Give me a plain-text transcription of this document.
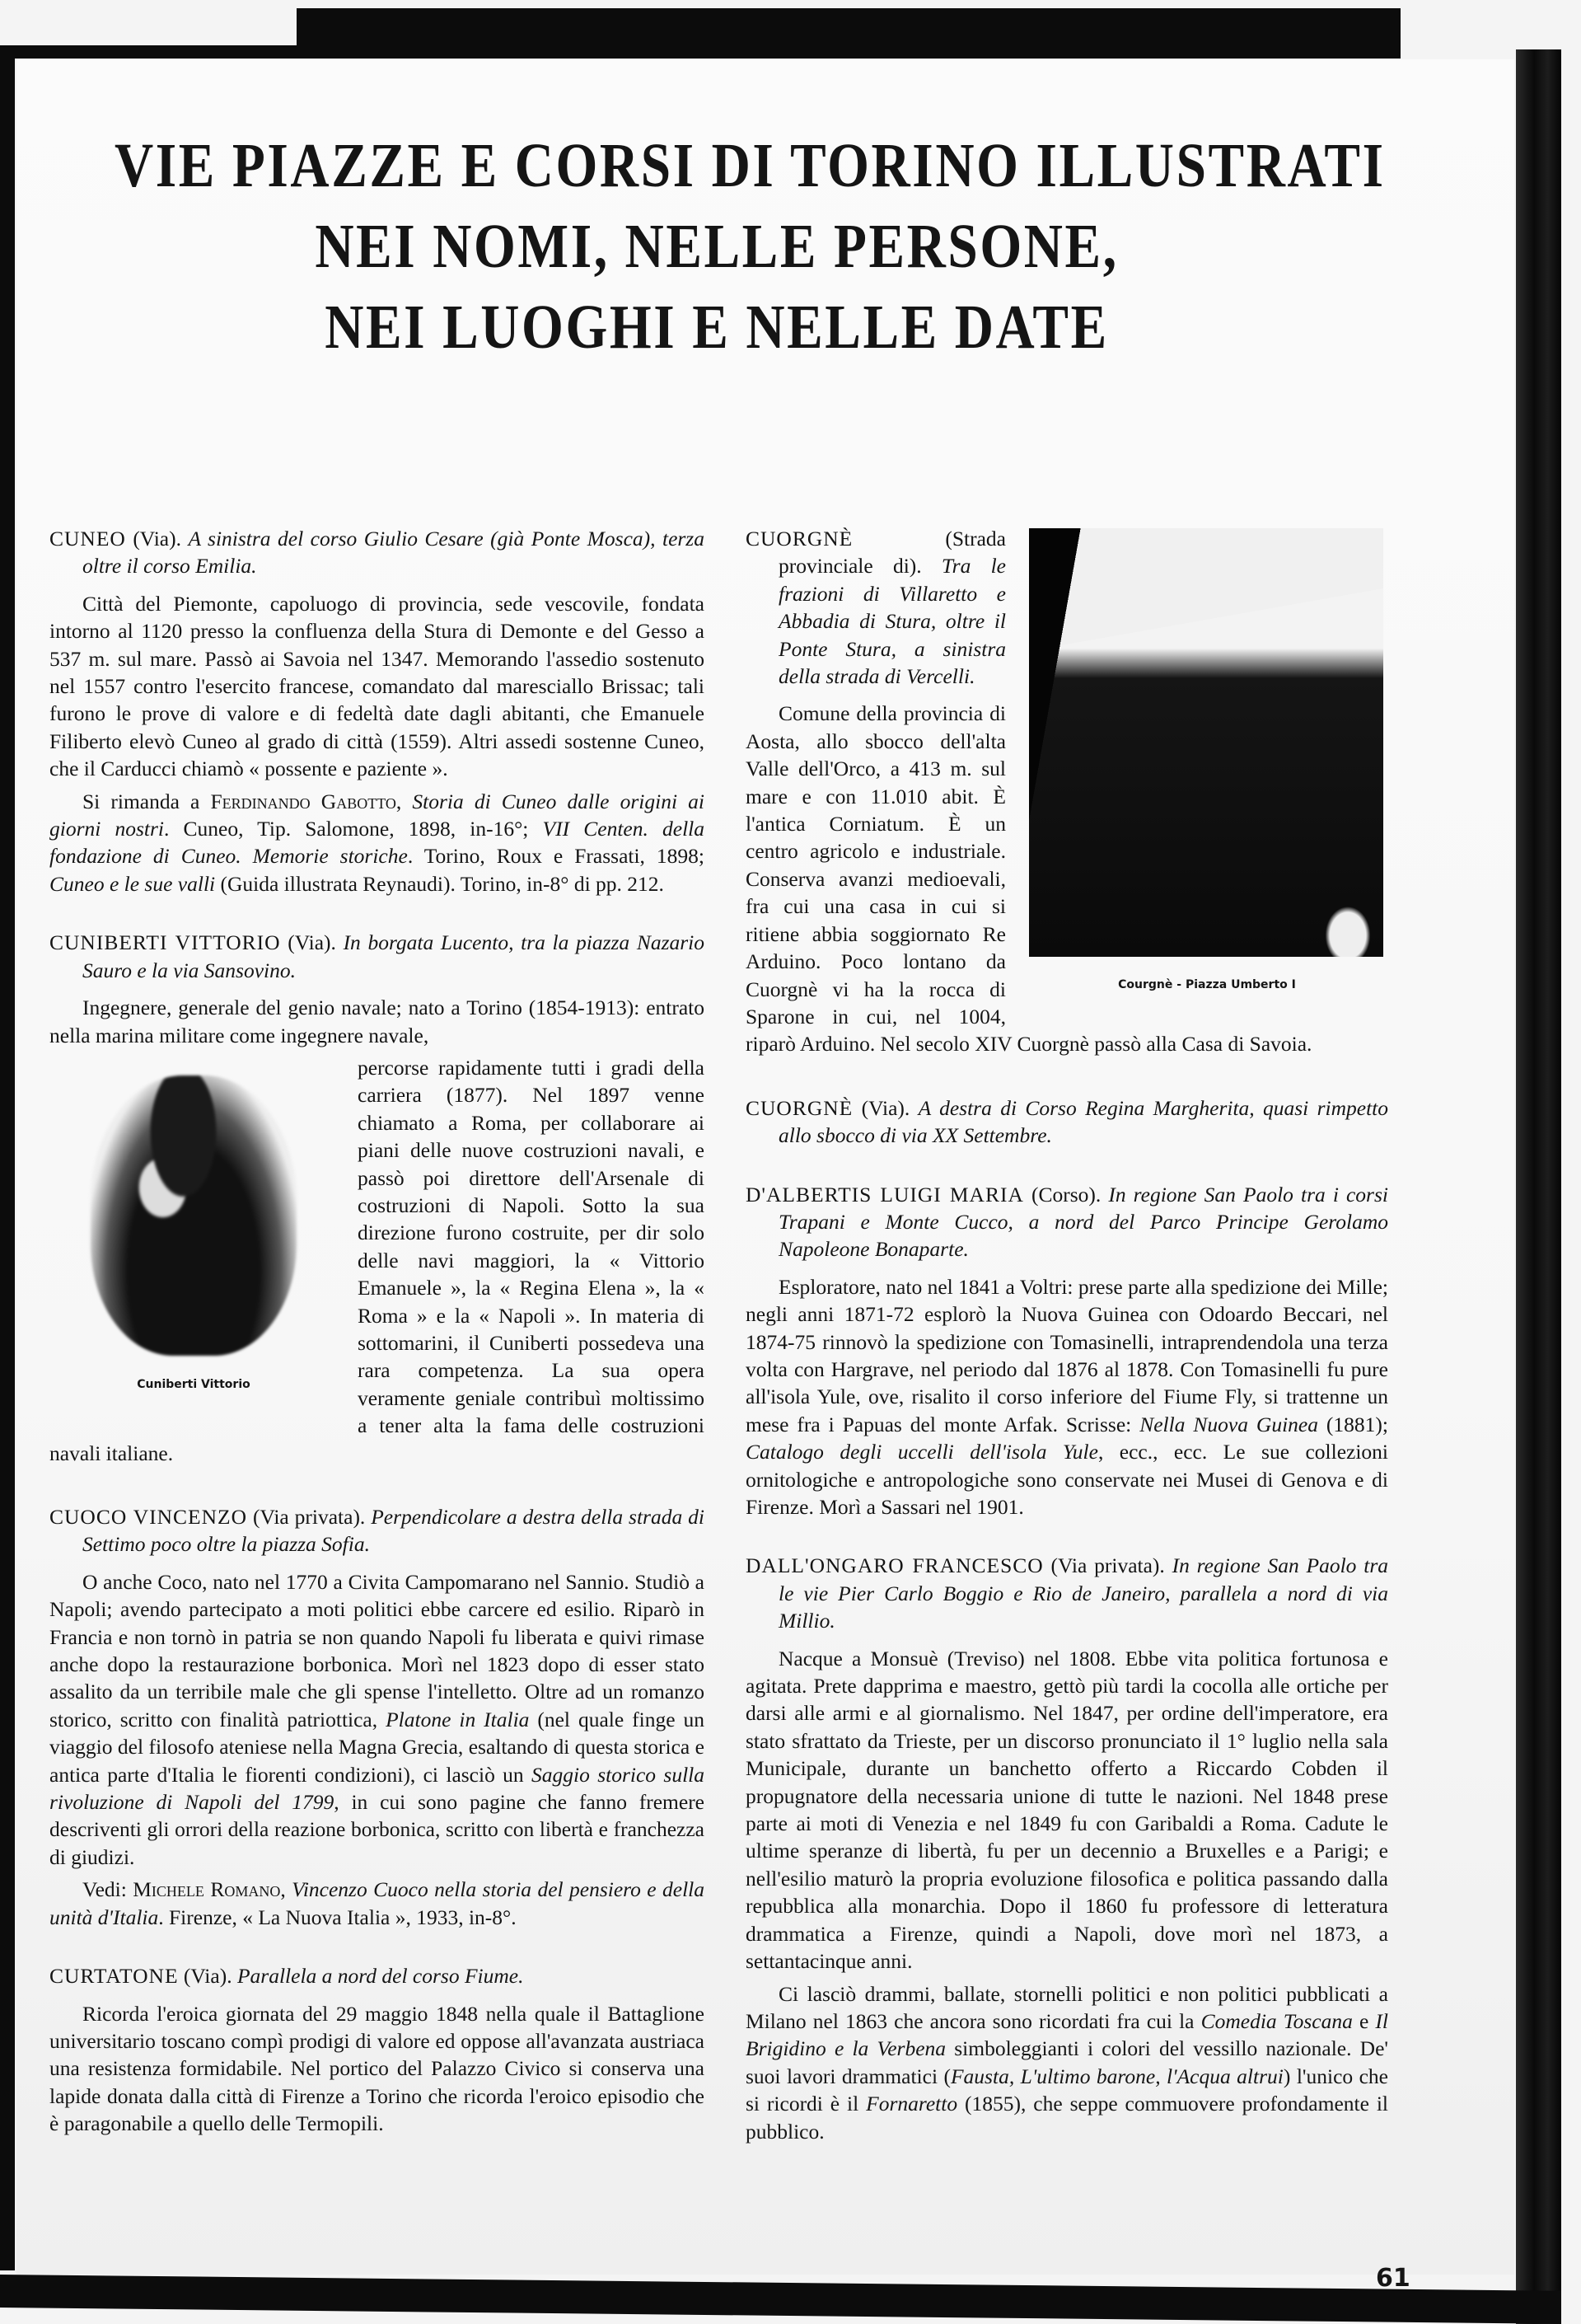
VIE PIAZZE E CORSI DI TORINO ILLUSTRATI
NEI NOMI, NELLE PERSONE,
NEI LUOGHI E NELLE DATE
CUNEO (Via). A sinistra del corso Giulio Cesare (già Ponte Mosca), terza oltre il corso Emilia.

Città del Piemonte, capoluogo di provincia, sede vescovile, fondata intorno al 1120 presso la confluenza della Stura di Demonte e del Gesso a 537 m. sul mare. Passò ai Savoia nel 1347. Memorando l'assedio sostenuto nel 1557 contro l'esercito francese, comandato dal maresciallo Brissac; tali furono le prove di valore e di fedeltà date dagli abitanti, che Emanuele Filiberto elevò Cuneo al grado di città (1559). Altri assedi sostenne Cuneo, che il Carducci chiamò « possente e paziente ».

Si rimanda a Ferdinando Gabotto, Storia di Cuneo dalle origini ai giorni nostri. Cuneo, Tip. Salomone, 1898, in-16°; VII Centen. della fondazione di Cuneo. Memorie storiche. Torino, Roux e Frassati, 1898; Cuneo e le sue valli (Guida illustrata Reynaudi). Torino, in-8° di pp. 212.

CUNIBERTI VITTORIO (Via). In borgata Lucento, tra la piazza Nazario Sauro e la via Sansovino.

Ingegnere, generale del genio navale; nato a Torino (1854-1913): entrato nella marina militare come ingegnere navale,

Cuniberti Vittorio

percorse rapidamente tutti i gradi della carriera (1877). Nel 1897 venne chiamato a Roma, per collaborare ai piani delle nuove costruzioni navali, e passò poi direttore dell'Arsenale di costruzioni di Napoli. Sotto la sua direzione furono costruite, per dir solo delle navi maggiori, la « Vittorio Emanuele », la « Regina Elena », la « Roma » e la « Napoli ». In materia di sottomarini, il Cuniberti possedeva una rara competenza. La sua opera veramente geniale contribuì moltissimo a tener alta la fama delle costruzioni navali italiane.

CUOCO VINCENZO (Via privata). Perpendicolare a destra della strada di Settimo poco oltre la piazza Sofia.

O anche Coco, nato nel 1770 a Civita Campomarano nel Sannio. Studiò a Napoli; avendo partecipato a moti politici ebbe carcere ed esilio. Riparò in Francia e non tornò in patria se non quando Napoli fu liberata e quivi rimase anche dopo la restaurazione borbonica. Morì nel 1823 dopo di esser stato assalito da un terribile male che gli spense l'intelletto. Oltre ad un romanzo storico, scritto con finalità patriottica, Platone in Italia (nel quale finge un viaggio del filosofo ateniese nella Magna Grecia, esaltando di questa storica e antica parte d'Italia le fiorenti condizioni), ci lasciò un Saggio storico sulla rivoluzione di Napoli del 1799, in cui sono pagine che fanno fremere descriventi gli orrori della reazione borbonica, scritto con libertà e franchezza di giudizi.

Vedi: Michele Romano, Vincenzo Cuoco nella storia del pensiero e della unità d'Italia. Firenze, « La Nuova Italia », 1933, in-8°.

CURTATONE (Via). Parallela a nord del corso Fiume.

Ricorda l'eroica giornata del 29 maggio 1848 nella quale il Battaglione universitario toscano compì prodigi di valore ed oppose all'avanzata austriaca una resistenza formidabile. Nel portico del Palazzo Civico si conserva una lapide donata dalla città di Firenze a Torino che ricorda l'eroico episodio che è paragonabile a quello delle Termopili.

Courgnè - Piazza Umberto I
CUORGNÈ	(Strada provinciale di). Tra le frazioni di Villaretto e Abbadia di Stura, oltre il Ponte Stura, a sinistra della strada di Vercelli.

Comune della provincia di Aosta, allo sbocco dell'alta Valle dell'Orco, a 413 m. sul mare e con 11.010 abit. È l'antica Corniatum. È un centro agricolo e industriale. Conserva avanzi medioevali, fra cui una casa in cui si ritiene abbia soggiornato Re Arduino. Poco lontano da Cuorgnè vi ha la rocca di Sparone in cui, nel 1004, riparò Arduino. Nel secolo XIV Cuorgnè passò alla Casa di Savoia.

CUORGNÈ (Via). A destra di Corso Regina Margherita, quasi rimpetto allo sbocco di via XX Settembre.
D'ALBERTIS LUIGI MARIA (Corso). In regione San Paolo tra i corsi Trapani e Monte Cucco, a nord del Parco Principe Gerolamo Napoleone Bonaparte.

Esploratore, nato nel 1841 a Voltri: prese parte alla spedizione dei Mille; negli anni 1871-72 esplorò la Nuova Guinea con Odoardo Beccari, nel 1874-75 rinnovò la spedizione con Tomasinelli, intraprendendola una terza volta con Hargrave, nel periodo dal 1876 al 1878. Con Tomasinelli fu pure all'isola Yule, ove, risalito il corso inferiore del Fiume Fly, si trattenne un mese fra i Papuas del monte Arfak. Scrisse: Nella Nuova Guinea (1881); Catalogo degli uccelli dell'isola Yule, ecc., ecc. Le sue collezioni ornitologiche e antropologiche sono conservate nei Musei di Genova e di Firenze. Morì a Sassari nel 1901.

DALL'ONGARO FRANCESCO (Via privata). In regione San Paolo tra le vie Pier Carlo Boggio e Rio de Janeiro, parallela a nord di via Millio.

Nacque a Monsuè (Treviso) nel 1808. Ebbe vita politica fortunosa e agitata. Prete dapprima e maestro, gettò più tardi la cocolla alle ortiche per darsi alle armi e al giornalismo. Nel 1847, per ordine dell'imperatore, era stato sfrattato da Trieste, per un discorso pronunciato il 1° luglio nella sala Municipale, durante un banchetto offerto a Riccardo Cobden il propugnatore della necessaria unione di tutte le nazioni. Nel 1848 prese parte ai moti di Venezia e nel 1849 fu con Garibaldi a Roma. Cadute le ultime speranze di libertà, fu per un decennio a Bruxelles e a Parigi; e nell'esilio maturò la propria evoluzione filosofica e politica passando dalla repubblica alla monarchia. Dopo il 1860 fu professore di letteratura drammatica a Firenze, quindi a Napoli, dove morì nel 1873, a settantacinque anni.

Ci lasciò drammi, ballate, stornelli politici e non politici pubblicati a Milano nel 1863 che ancora sono ricordati fra cui la Comedia Toscana e Il Brigidino e la Verbena simboleggianti i colori del vessillo nazionale. De' suoi lavori drammatici (Fausta, L'ultimo barone, l'Acqua altrui) l'unico che si ricordi è il Fornaretto (1855), che seppe commuovere profondamente il pubblico.

61
